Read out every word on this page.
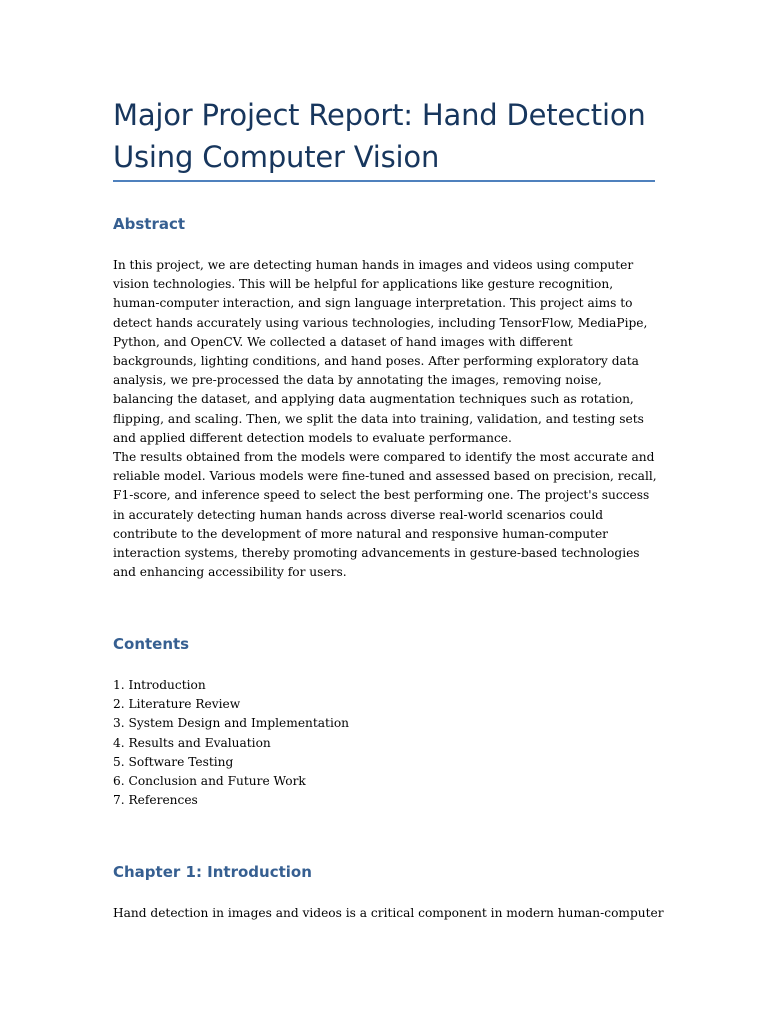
Major Project Report: Hand Detection Using Computer Vision
Abstract

In this project, we are detecting human hands in images and videos using computer vision technologies. This will be helpful for applications like gesture recognition, human-computer interaction, and sign language interpretation. This project aims to detect hands accurately using various technologies, including TensorFlow, MediaPipe, Python, and OpenCV. We collected a dataset of hand images with different backgrounds, lighting conditions, and hand poses. After performing exploratory data analysis, we pre-processed the data by annotating the images, removing noise, balancing the dataset, and applying data augmentation techniques such as rotation, flipping, and scaling. Then, we split the data into training, validation, and testing sets and applied different detection models to evaluate performance.

The results obtained from the models were compared to identify the most accurate and reliable model. Various models were fine-tuned and assessed based on precision, recall, F1-score, and inference speed to select the best performing one. The project's success in accurately detecting human hands across diverse real-world scenarios could contribute to the development of more natural and responsive human-computer interaction systems, thereby promoting advancements in gesture-based technologies and enhancing accessibility for users.

Contents
1. Introduction
2. Literature Review
3. System Design and Implementation
4. Results and Evaluation
5. Software Testing
6. Conclusion and Future Work
7. References
Chapter 1: Introduction

Hand detection in images and videos is a critical component in modern human-computer
